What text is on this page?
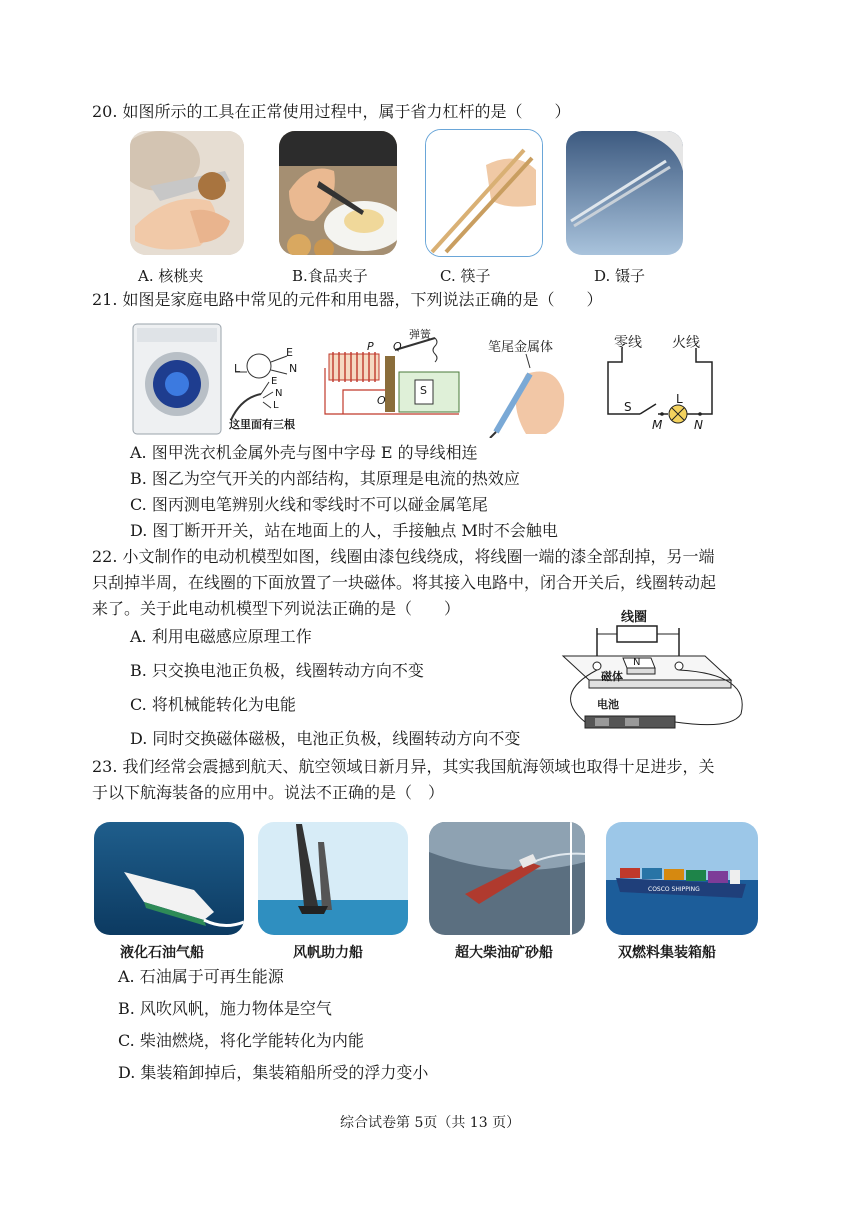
20. 如图所示的工具在正常使用过程中，属于省力杠杆的是（　　）
A. 核桃夹	B.食品夹子	C. 筷子	D. 镊子
21. 如图是家庭电路中常见的元件和用电器，下列说法正确的是（　　）
L
E
N
E
N
L
这里面有三根
弹簧
P Q
O
S
笔尾金属体	零线 火线
S
L
M	N
A. 图甲洗衣机金属外壳与图中字母 E 的导线相连
B. 图乙为空气开关的内部结构，其原理是电流的热效应
C. 图丙测电笔辨别火线和零线时不可以碰金属笔尾
D. 图丁断开开关，站在地面上的人，手接触点 M时不会触电
22. 小文制作的电动机模型如图，线圈由漆包线绕成，将线圈一端的漆全部刮掉，另一端
只刮掉半周，在线圈的下面放置了一块磁体。将其接入电路中，闭合开关后，线圈转动起
来了。关于此电动机模型下列说法正确的是（　　）
A. 利用电磁感应原理工作
B. 只交换电池正负极，线圈转动方向不变
C. 将机械能转化为电能
D. 同时交换磁体磁极，电池正负极，线圈转动方向不变
线圈
N
磁体
电池
23. 我们经常会震撼到航天、航空领域日新月异，其实我国航海领域也取得十足进步，关
于以下航海装备的应用中。说法不正确的是（　）
COSCO SHIPPING
液化石油气船	风帆助力船	超大柴油矿砂船	双燃料集装箱船
A. 石油属于可再生能源
B. 风吹风帆，施力物体是空气
C. 柴油燃烧，将化学能转化为内能
D. 集装箱卸掉后，集装箱船所受的浮力变小
综合试卷第 5页（共 13 页）
